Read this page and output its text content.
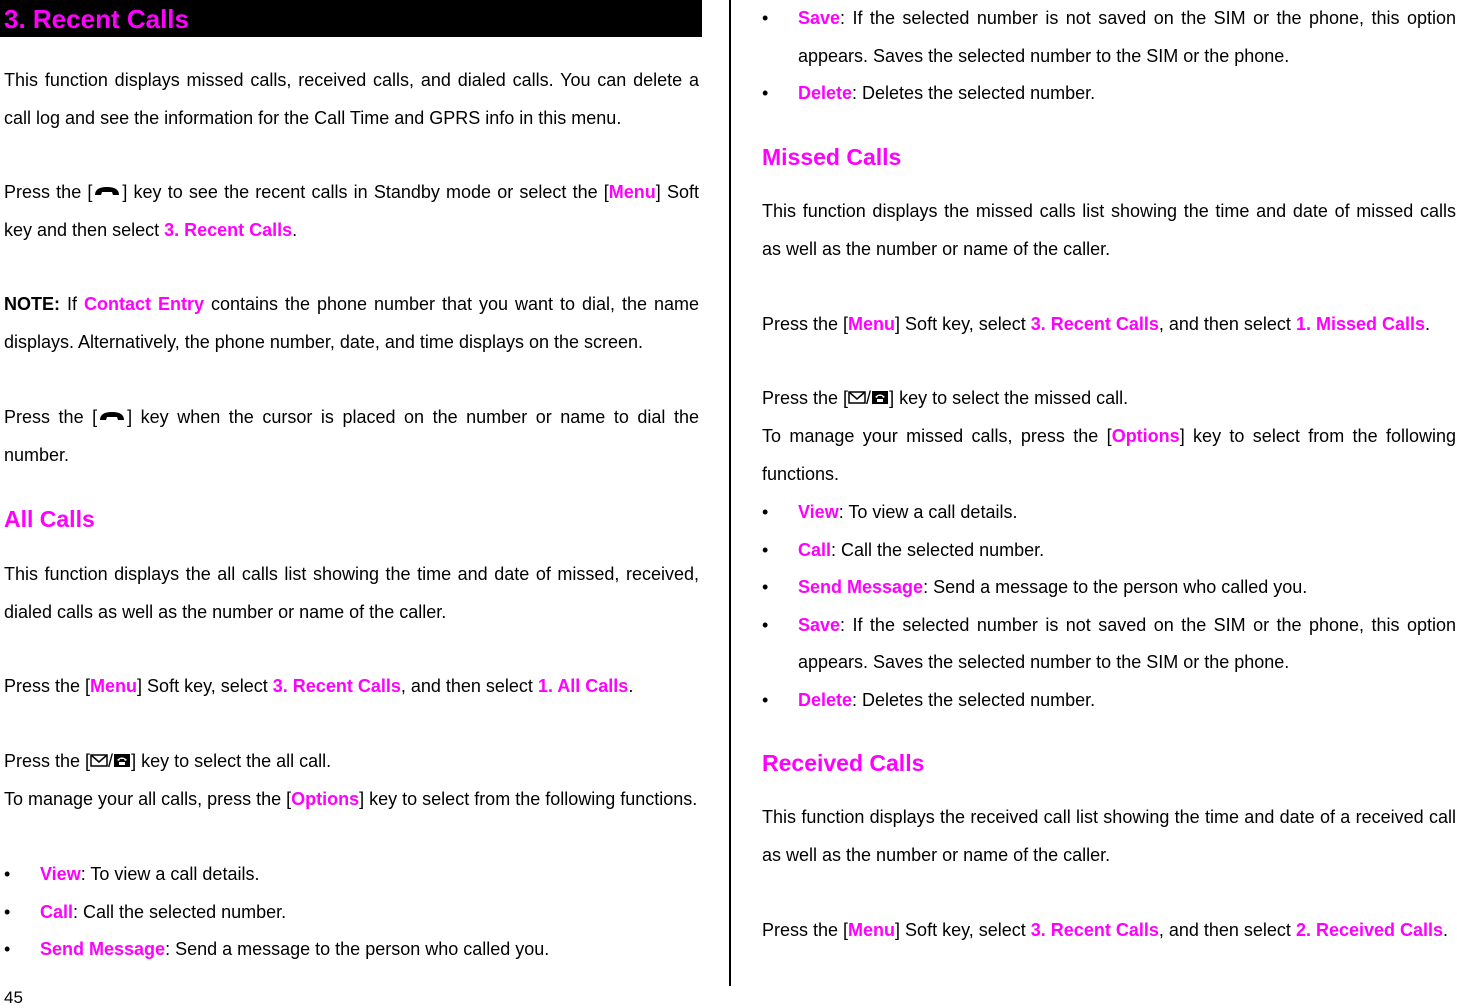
3. Recent Calls

This function displays missed calls, received calls, and dialed calls. You can delete a call log and see the information for the Call Time and GPRS info in this menu.

Press the [ ] key to see the recent calls in Standby mode or select the [Menu] Soft key and then select 3. Recent Calls.

NOTE: If Contact Entry contains the phone number that you want to dial, the name displays. Alternatively, the phone number, date, and time displays on the screen.

Press the [ ] key when the cursor is placed on the number or name to dial the number.

All Calls

This function displays the all calls list showing the time and date of missed, received, dialed calls as well as the number or name of the caller.

Press the [Menu] Soft key, select 3. Recent Calls, and then select 1. All Calls.

Press the [ / ] key to select the all call.

To manage your all calls, press the [Options] key to select from the following functions.

• View: To view a call details.
• Call: Call the selected number.
• Send Message: Send a message to the person who called you.
• Save: If the selected number is not saved on the SIM or the phone, this option appears. Saves the selected number to the SIM or the phone.
• Delete: Deletes the selected number.
Missed Calls

This function displays the missed calls list showing the time and date of missed calls as well as the number or name of the caller.

Press the [Menu] Soft key, select 3. Recent Calls, and then select 1. Missed Calls.

Press the [ / ] key to select the missed call.

To manage your missed calls, press the [Options] key to select from the following functions.

• View: To view a call details.
• Call: Call the selected number.
• Send Message: Send a message to the person who called you.
• Save: If the selected number is not saved on the SIM or the phone, this option appears. Saves the selected number to the SIM or the phone.
• Delete: Deletes the selected number.
Received Calls

This function displays the received call list showing the time and date of a received call as well as the number or name of the caller.

Press the [Menu] Soft key, select 3. Recent Calls, and then select 2. Received Calls.

45
